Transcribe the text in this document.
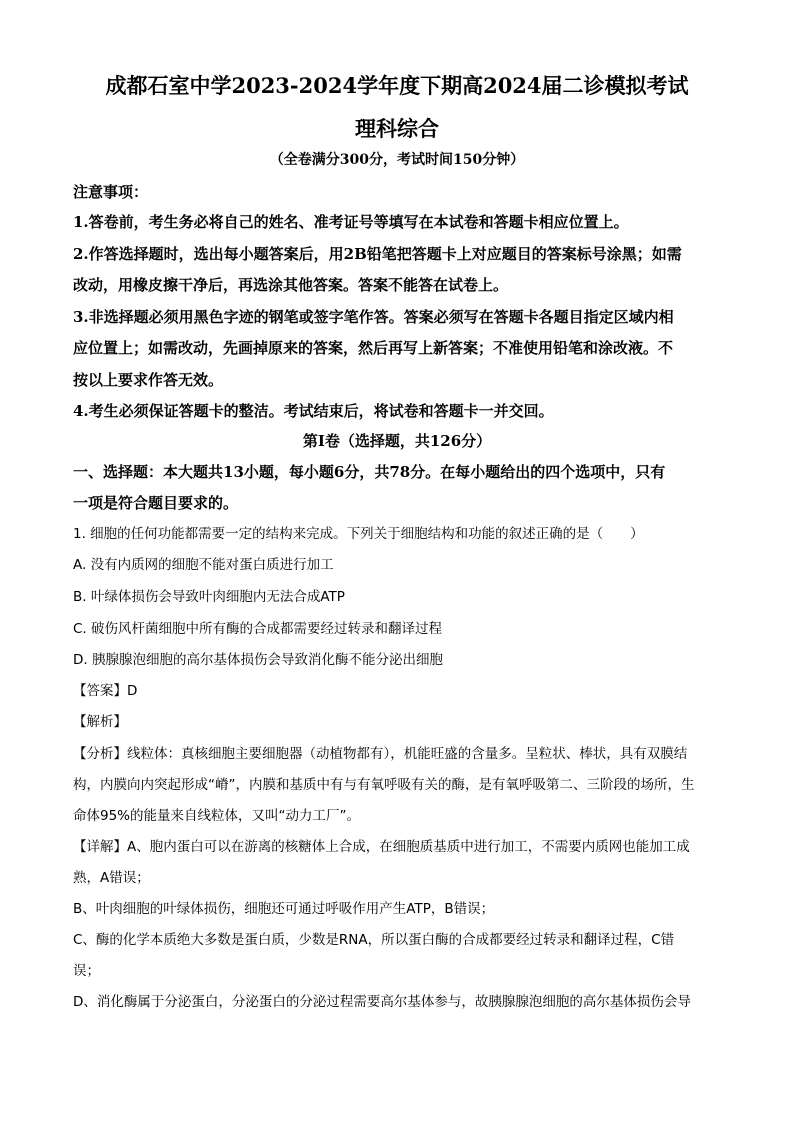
成都石室中学2023-2024学年度下期高2024届二诊模拟考试
理科综合
（全卷满分300分，考试时间150分钟）
注意事项：
1.答卷前，考生务必将自己的姓名、准考证号等填写在本试卷和答题卡相应位置上。
2.作答选择题时，选出每小题答案后，用2B铅笔把答题卡上对应题目的答案标号涂黑；如需
改动，用橡皮擦干净后，再选涂其他答案。答案不能答在试卷上。
3.非选择题必须用黑色字迹的钢笔或签字笔作答。答案必须写在答题卡各题目指定区域内相
应位置上；如需改动，先画掉原来的答案，然后再写上新答案；不准使用铅笔和涂改液。不
按以上要求作答无效。
4.考生必须保证答题卡的整洁。考试结束后，将试卷和答题卡一并交回。
第I卷（选择题，共126分）
一、选择题：本大题共13小题，每小题6分，共78分。在每小题给出的四个选项中，只有
一项是符合题目要求的。
1. 细胞的任何功能都需要一定的结构来完成。下列关于细胞结构和功能的叙述正确的是（　　）
A. 没有内质网的细胞不能对蛋白质进行加工
B. 叶绿体损伤会导致叶肉细胞内无法合成ATP
C. 破伤风杆菌细胞中所有酶的合成都需要经过转录和翻译过程
D. 胰腺腺泡细胞的高尔基体损伤会导致消化酶不能分泌出细胞
【答案】D
【解析】
【分析】线粒体：真核细胞主要细胞器（动植物都有），机能旺盛的含量多。呈粒状、棒状，具有双膜结
构，内膜向内突起形成“嵴”，内膜和基质中有与有氧呼吸有关的酶，是有氧呼吸第二、三阶段的场所，生
命体95%的能量来自线粒体，又叫“动力工厂”。
【详解】A、胞内蛋白可以在游离的核糖体上合成，在细胞质基质中进行加工，不需要内质网也能加工成
熟，A错误；
B、叶肉细胞的叶绿体损伤，细胞还可通过呼吸作用产生ATP，B错误；
C、酶的化学本质绝大多数是蛋白质，少数是RNA，所以蛋白酶的合成都要经过转录和翻译过程，C错
误；
D、消化酶属于分泌蛋白，分泌蛋白的分泌过程需要高尔基体参与，故胰腺腺泡细胞的高尔基体损伤会导
